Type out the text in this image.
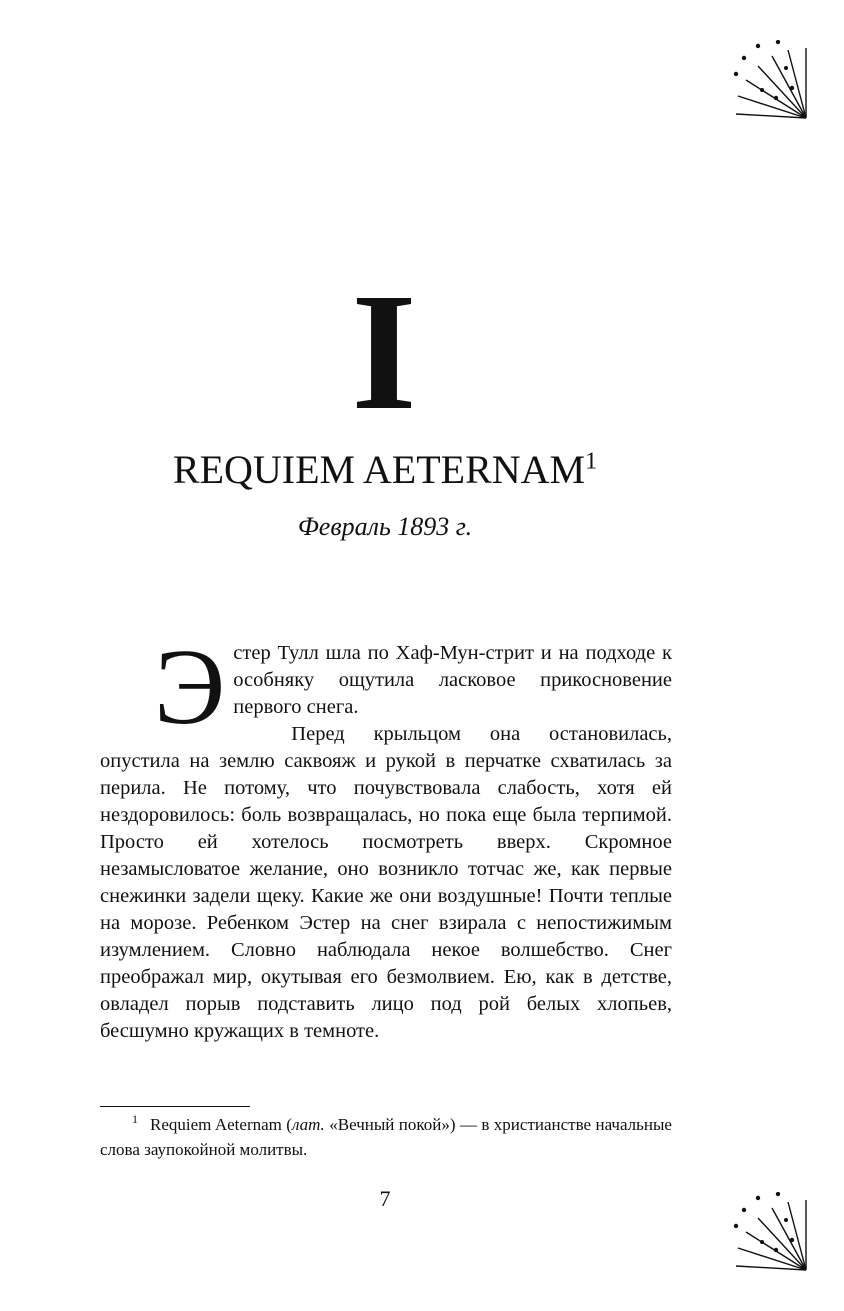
I
REQUIEM AETERNAM$^1$
Февраль 1893 г.

Эстер Тулл шла по Хаф-Мун-стрит и на подходе к особняку ощутила ласковое прикосновение первого снега.

Перед крыльцом она остановилась, опустила на землю саквояж и рукой в перчатке схватилась за перила. Не потому, что почувствовала слабость, хотя ей нездоровилось: боль возвращалась, но пока еще была терпимой. Просто ей хотелось посмотреть вверх. Скромное незамысловатое желание, оно возникло тотчас же, как первые снежинки задели щеку. Какие же они воздушные! Почти теплые на морозе. Ребенком Эстер на снег взирала с непостижимым изумлением. Словно наблюдала некое волшебство. Снег преображал мир, окутывая его безмолвием. Ею, как в детстве, овладел порыв подставить лицо под рой белых хлопьев, бесшумно кружащих в темноте.

$^1$ Requiem Aeternam (лат. «Вечный покой») — в христианстве начальные слова заупокойной молитвы.
7
